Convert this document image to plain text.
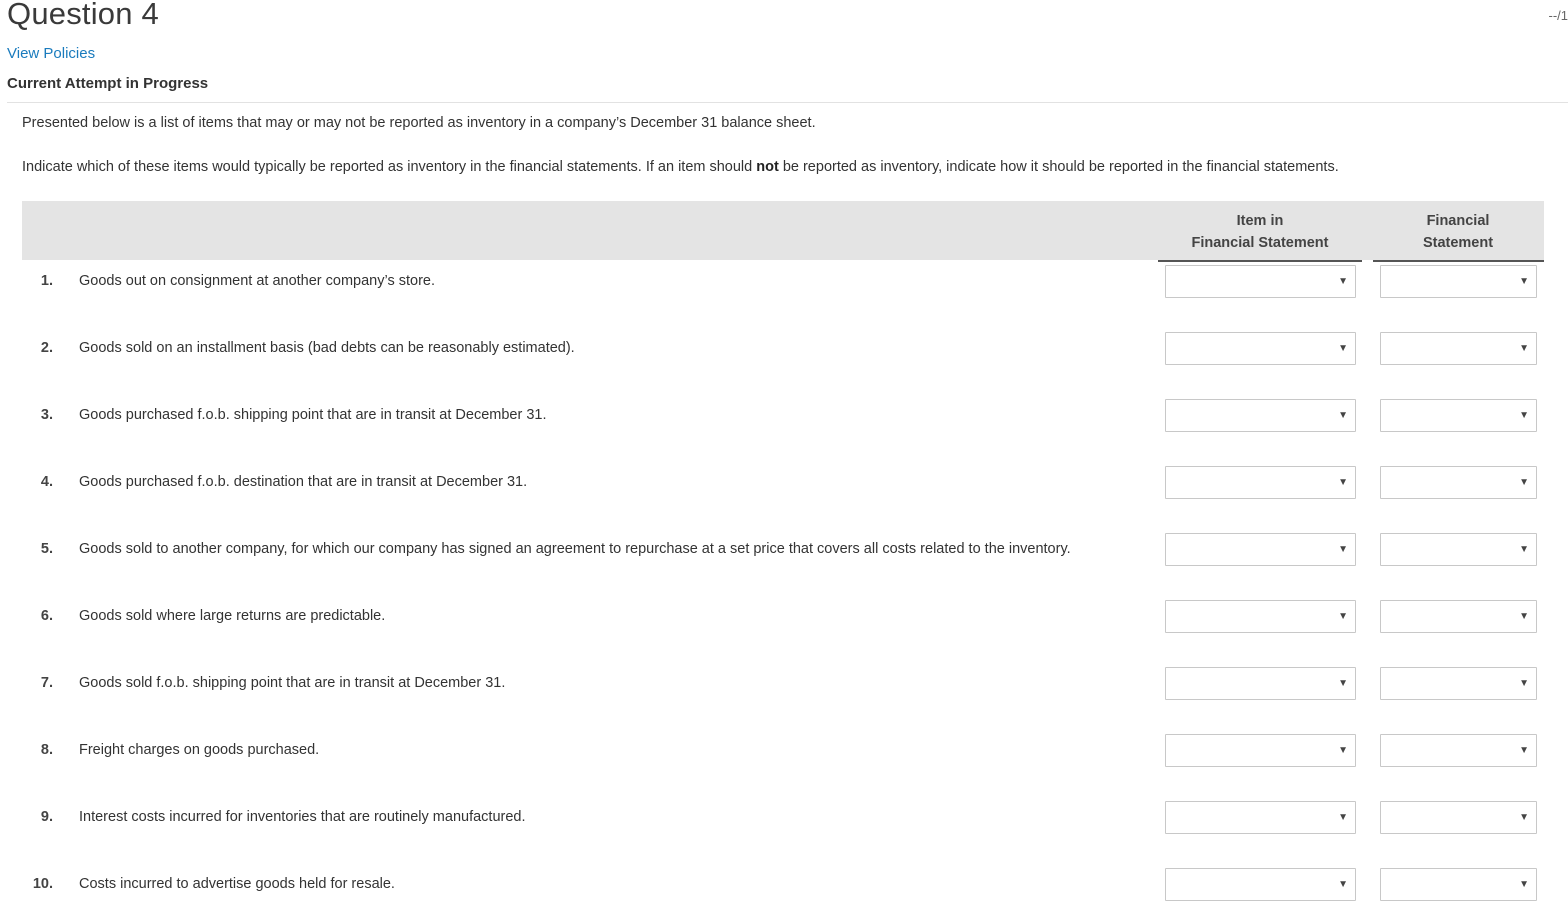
Question 4	--/1
View Policies
Current Attempt in Progress
Presented below is a list of items that may or may not be reported as inventory in a company’s December 31 balance sheet.
Indicate which of these items would typically be reported as inventory in the financial statements. If an item should not be reported as inventory, indicate how it should be reported in the financial statements.
Item in
Financial Statement
Financial
Statement
1. Goods out on consignment at another company’s store.	▼	▼
2. Goods sold on an installment basis (bad debts can be reasonably estimated).	▼	▼
3. Goods purchased f.o.b. shipping point that are in transit at December 31.	▼	▼
4. Goods purchased f.o.b. destination that are in transit at December 31.	▼	▼
5. Goods sold to another company, for which our company has signed an agreement to repurchase at a set price that covers all costs related to the inventory.	▼	▼
6. Goods sold where large returns are predictable.	▼	▼
7. Goods sold f.o.b. shipping point that are in transit at December 31.	▼	▼
8. Freight charges on goods purchased.	▼	▼
9. Interest costs incurred for inventories that are routinely manufactured.	▼	▼
10. Costs incurred to advertise goods held for resale.	▼	▼
